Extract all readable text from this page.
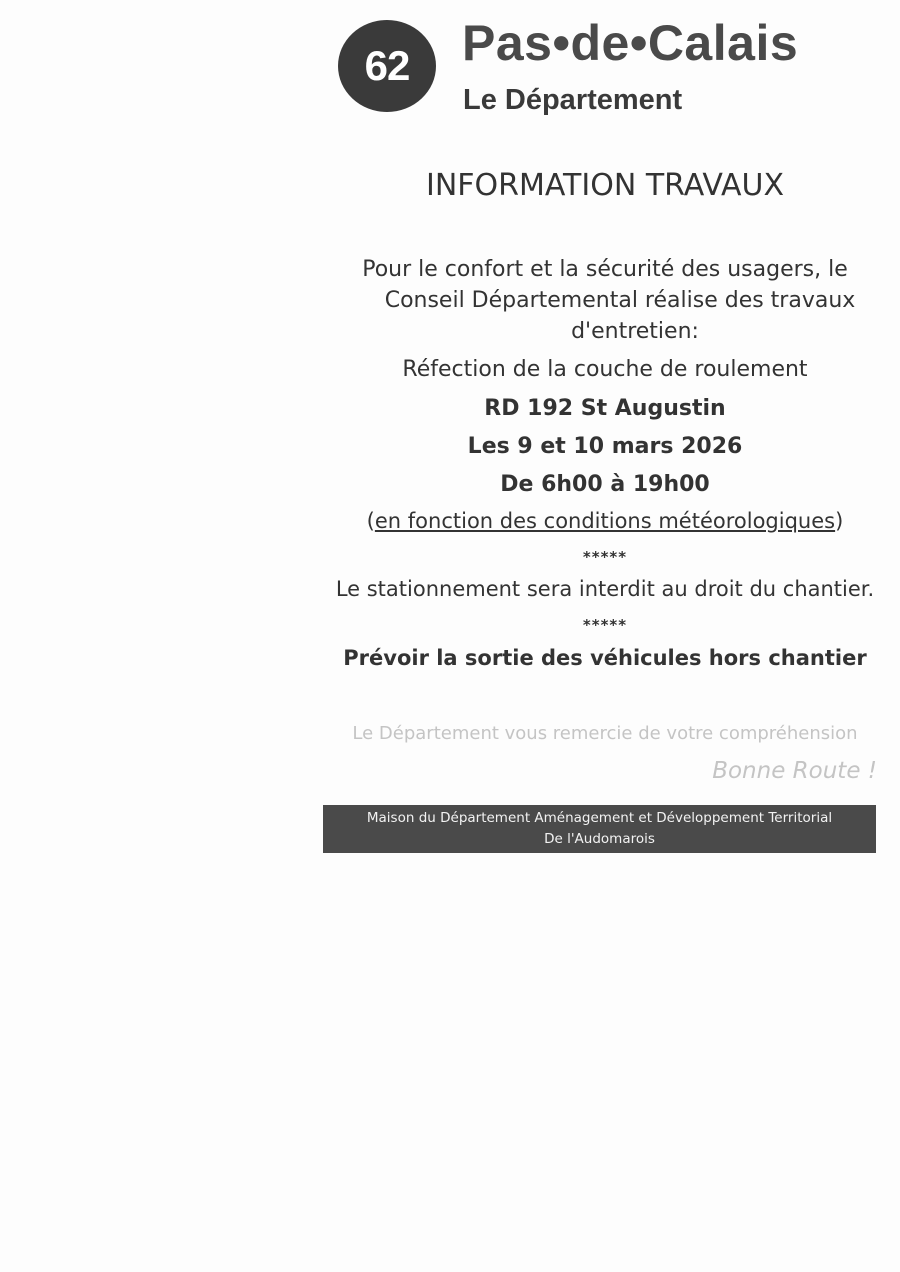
62 Pas•de•Calais
Le Département
INFORMATION TRAVAUX
Pour le confort et la sécurité des usagers, le
Conseil Départemental réalise des travaux
d'entretien:
Réfection de la couche de roulement
RD 192 St Augustin
Les 9 et 10 mars 2026
De 6h00 à 19h00
(en fonction des conditions météorologiques)
*****
Le stationnement sera interdit au droit du chantier.
*****
Prévoir la sortie des véhicules hors chantier
Le Département vous remercie de votre compréhension
Bonne Route !
Maison du Département Aménagement et Développement Territorial
De l'Audomarois
